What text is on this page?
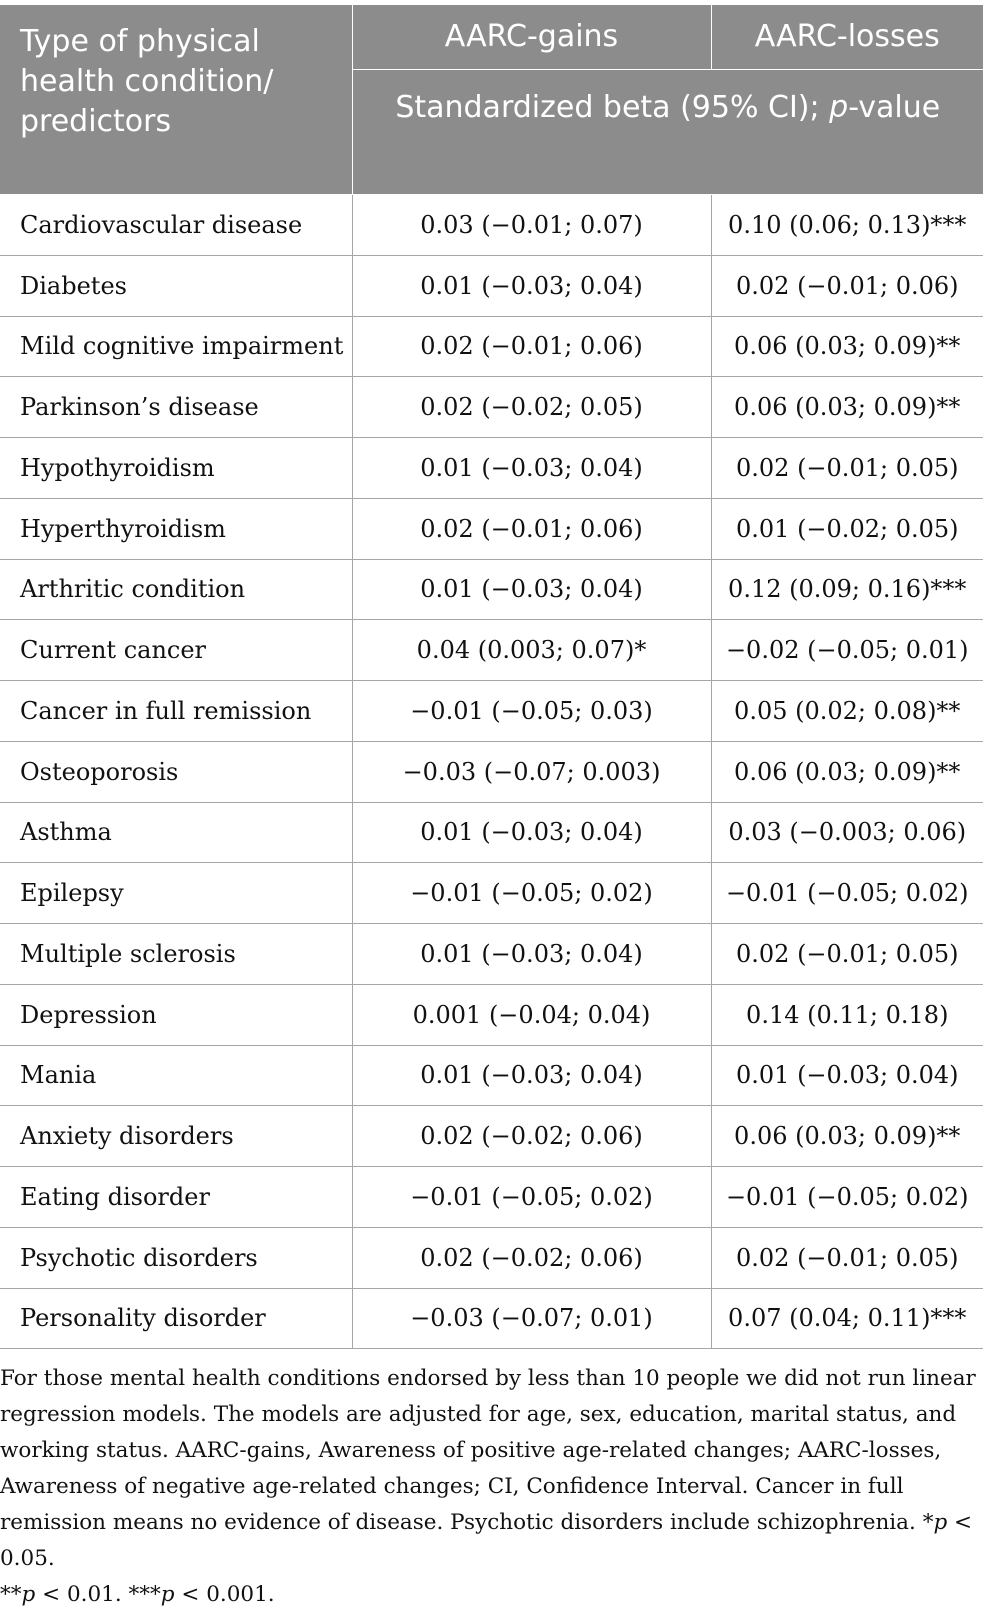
Type of physical health condition/ predictors	AARC-gains	AARC-losses
	Standardized beta (95% CI); p-value	
Cardiovascular disease	0.03 (−0.01; 0.07)	0.10 (0.06; 0.13)***
Diabetes	0.01 (−0.03; 0.04)	0.02 (−0.01; 0.06)
Mild cognitive impairment	0.02 (−0.01; 0.06)	0.06 (0.03; 0.09)**
Parkinson’s disease	0.02 (−0.02; 0.05)	0.06 (0.03; 0.09)**
Hypothyroidism	0.01 (−0.03; 0.04)	0.02 (−0.01; 0.05)
Hyperthyroidism	0.02 (−0.01; 0.06)	0.01 (−0.02; 0.05)
Arthritic condition	0.01 (−0.03; 0.04)	0.12 (0.09; 0.16)***
Current cancer	0.04 (0.003; 0.07)*	−0.02 (−0.05; 0.01)
Cancer in full remission	−0.01 (−0.05; 0.03)	0.05 (0.02; 0.08)**
Osteoporosis	−0.03 (−0.07; 0.003)	0.06 (0.03; 0.09)**
Asthma	0.01 (−0.03; 0.04)	0.03 (−0.003; 0.06)
Epilepsy	−0.01 (−0.05; 0.02)	−0.01 (−0.05; 0.02)
Multiple sclerosis	0.01 (−0.03; 0.04)	0.02 (−0.01; 0.05)
Depression	0.001 (−0.04; 0.04)	0.14 (0.11; 0.18)
Mania	0.01 (−0.03; 0.04)	0.01 (−0.03; 0.04)
Anxiety disorders	0.02 (−0.02; 0.06)	0.06 (0.03; 0.09)**
Eating disorder	−0.01 (−0.05; 0.02)	−0.01 (−0.05; 0.02)
Psychotic disorders	0.02 (−0.02; 0.06)	0.02 (−0.01; 0.05)
Personality disorder	−0.03 (−0.07; 0.01)	0.07 (0.04; 0.11)***
For those mental health conditions endorsed by less than 10 people we did not run linear regression models. The models are adjusted for age, sex, education, marital status, and working status. AARC-gains, Awareness of positive age-related changes; AARC-losses, Awareness of negative age-related changes; CI, Confidence Interval. Cancer in full remission means no evidence of disease. Psychotic disorders include schizophrenia. *p < 0.05.
**p < 0.01. ***p < 0.001.
